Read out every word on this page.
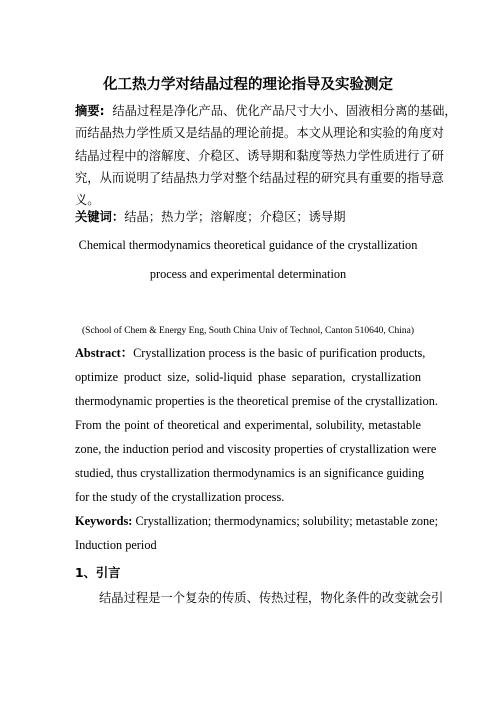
化工热力学对结晶过程的理论指导及实验测定
摘要: 结晶过程是净化产品、优化产品尺寸大小、固液相分离的基础，
而结晶热力学性质又是结晶的理论前提。本文从理论和实验的角度对
结晶过程中的溶解度、介稳区、诱导期和黏度等热力学性质进行了研
究，从而说明了结晶热力学对整个结晶过程的研究具有重要的指导意
义。
关键词：结晶；热力学；溶解度；介稳区；诱导期
Chemical thermodynamics theoretical guidance of the crystallization
process and experimental determination
(School of Chem & Energy Eng, South China Univ of Technol, Canton 510640, China)
Abstract：Crystallization process is the basic of purification products,
optimize product size, solid-liquid phase separation, crystallization
thermodynamic properties is the theoretical premise of the crystallization.
From the point of theoretical and experimental, solubility, metastable
zone, the induction period and viscosity properties of crystallization were
studied, thus crystallization thermodynamics is an significance guiding
for the study of the crystallization process.
Keywords: Crystallization; thermodynamics; solubility; metastable zone;
Induction period
1、引言
结晶过程是一个复杂的传质、传热过程，物化条件的改变就会引
